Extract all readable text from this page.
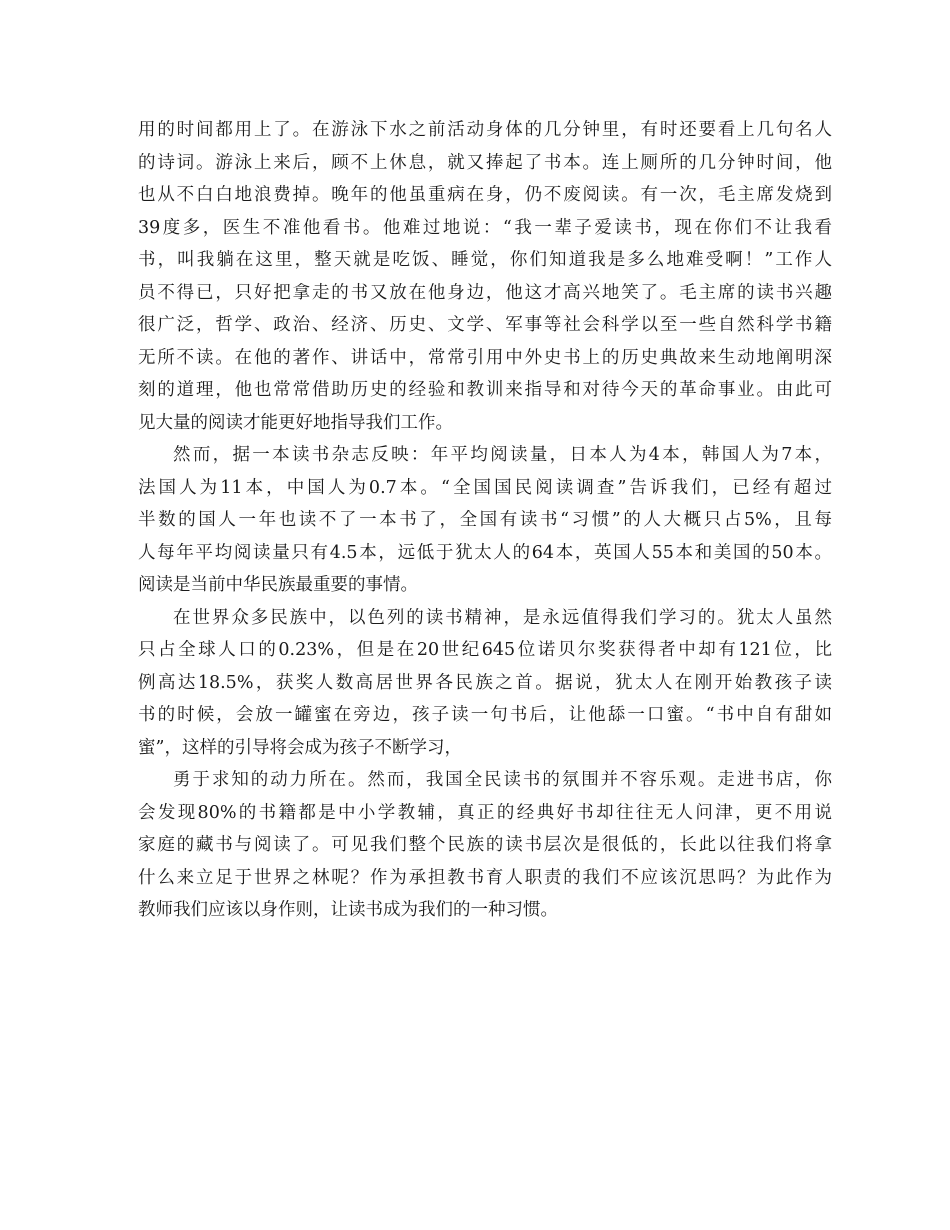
用的时间都用上了。在游泳下水之前活动身体的几分钟里，有时还要看上几句名人
的诗词。游泳上来后，顾不上休息，就又捧起了书本。连上厕所的几分钟时间，他
也从不白白地浪费掉。晚年的他虽重病在身，仍不废阅读。有一次，毛主席发烧到
39度多，医生不准他看书。他难过地说：“我一辈子爱读书，现在你们不让我看
书，叫我躺在这里，整天就是吃饭、睡觉，你们知道我是多么地难受啊！”工作人
员不得已，只好把拿走的书又放在他身边，他这才高兴地笑了。毛主席的读书兴趣
很广泛，哲学、政治、经济、历史、文学、军事等社会科学以至一些自然科学书籍
无所不读。在他的著作、讲话中，常常引用中外史书上的历史典故来生动地阐明深
刻的道理，他也常常借助历史的经验和教训来指导和对待今天的革命事业。由此可
见大量的阅读才能更好地指导我们工作。
然而，据一本读书杂志反映：年平均阅读量，日本人为4本，韩国人为7本，
法国人为11本，中国人为0.7本。“全国国民阅读调查”告诉我们，已经有超过
半数的国人一年也读不了一本书了，全国有读书“习惯”的人大概只占5%，且每
人每年平均阅读量只有4.5本，远低于犹太人的64本，英国人55本和美国的50本。
阅读是当前中华民族最重要的事情。
在世界众多民族中，以色列的读书精神，是永远值得我们学习的。犹太人虽然
只占全球人口的0.23%，但是在20世纪645位诺贝尔奖获得者中却有121位，比
例高达18.5%，获奖人数高居世界各民族之首。据说，犹太人在刚开始教孩子读
书的时候，会放一罐蜜在旁边，孩子读一句书后，让他舔一口蜜。“书中自有甜如
蜜”，这样的引导将会成为孩子不断学习，
勇于求知的动力所在。然而，我国全民读书的氛围并不容乐观。走进书店，你
会发现80%的书籍都是中小学教辅，真正的经典好书却往往无人问津，更不用说
家庭的藏书与阅读了。可见我们整个民族的读书层次是很低的，长此以往我们将拿
什么来立足于世界之林呢？作为承担教书育人职责的我们不应该沉思吗？为此作为
教师我们应该以身作则，让读书成为我们的一种习惯。
